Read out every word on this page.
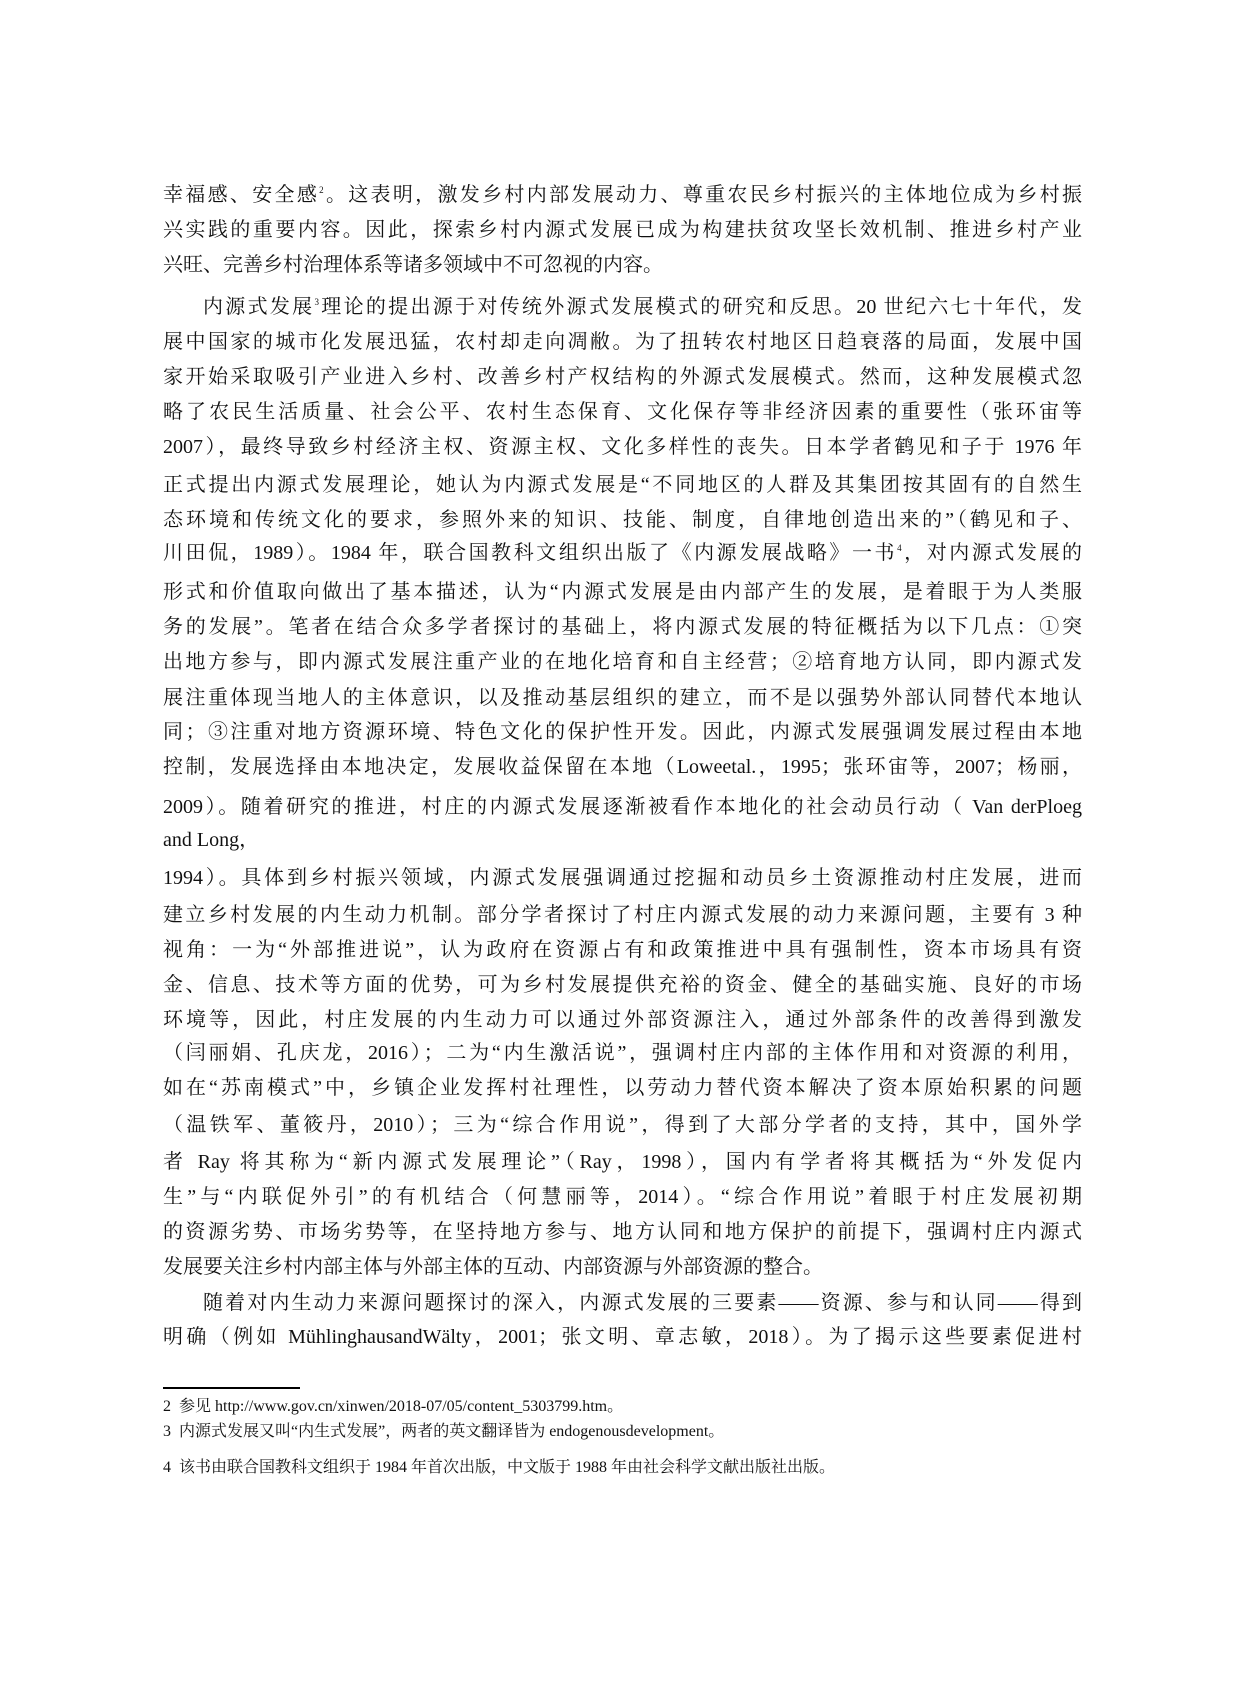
幸福感、安全感$^2$。这表明，激发乡村内部发展动力、尊重农民乡村振兴的主体地位成为乡村振
兴实践的重要内容。因此，探索乡村内源式发展已成为构建扶贫攻坚长效机制、推进乡村产业
兴旺、完善乡村治理体系等诸多领域中不可忽视的内容。
内源式发展$^3$理论的提出源于对传统外源式发展模式的研究和反思。20 世纪六七十年代，发
展中国家的城市化发展迅猛，农村却走向凋敝。为了扭转农村地区日趋衰落的局面，发展中国
家开始采取吸引产业进入乡村、改善乡村产权结构的外源式发展模式。然而，这种发展模式忽
略了农民生活质量、社会公平、农村生态保育、文化保存等非经济因素的重要性（张环宙等
2007），最终导致乡村经济主权、资源主权、文化多样性的丧失。日本学者鹤见和子于 1976 年
正式提出内源式发展理论，她认为内源式发展是“不同地区的人群及其集团按其固有的自然生
态环境和传统文化的要求，参照外来的知识、技能、制度，自律地创造出来的”（鹤见和子、
川田侃，1989）。1984 年，联合国教科文组织出版了《内源发展战略》一书$^4$，对内源式发展的
形式和价值取向做出了基本描述，认为“内源式发展是由内部产生的发展，是着眼于为人类服
务的发展”。笔者在结合众多学者探讨的基础上，将内源式发展的特征概括为以下几点：①突
出地方参与，即内源式发展注重产业的在地化培育和自主经营；②培育地方认同，即内源式发
展注重体现当地人的主体意识，以及推动基层组织的建立，而不是以强势外部认同替代本地认
同；③注重对地方资源环境、特色文化的保护性开发。因此，内源式发展强调发展过程由本地
控制，发展选择由本地决定，发展收益保留在本地（Loweetal.，1995；张环宙等，2007；杨丽，
2009）。随着研究的推进，村庄的内源式发展逐渐被看作本地化的社会动员行动（ Van derPloeg
and Long，
1994）。具体到乡村振兴领域，内源式发展强调通过挖掘和动员乡土资源推动村庄发展，进而
建立乡村发展的内生动力机制。部分学者探讨了村庄内源式发展的动力来源问题，主要有 3 种
视角：一为“外部推进说”，认为政府在资源占有和政策推进中具有强制性，资本市场具有资
金、信息、技术等方面的优势，可为乡村发展提供充裕的资金、健全的基础实施、良好的市场
环境等，因此，村庄发展的内生动力可以通过外部资源注入，通过外部条件的改善得到激发
（闫丽娟、孔庆龙，2016）；二为“内生激活说”，强调村庄内部的主体作用和对资源的利用，
如在“苏南模式”中，乡镇企业发挥村社理性，以劳动力替代资本解决了资本原始积累的问题
（温铁军、董筱丹，2010）；三为“综合作用说”，得到了大部分学者的支持，其中，国外学
者 Ray 将其称为“新内源式发展理论”（Ray，1998），国内有学者将其概括为“外发促内
生”与“内联促外引”的有机结合（何慧丽等，2014）。“综合作用说”着眼于村庄发展初期
的资源劣势、市场劣势等，在坚持地方参与、地方认同和地方保护的前提下，强调村庄内源式
发展要关注乡村内部主体与外部主体的互动、内部资源与外部资源的整合。
随着对内生动力来源问题探讨的深入，内源式发展的三要素——资源、参与和认同——得到
明确（例如 MühlinghausandWälty，2001；张文明、章志敏，2018）。为了揭示这些要素促进村
2 参见 http://www.gov.cn/xinwen/2018-07/05/content_5303799.htm。
3 内源式发展又叫“内生式发展”，两者的英文翻译皆为 endogenousdevelopment。
4 该书由联合国教科文组织于 1984 年首次出版，中文版于 1988 年由社会科学文献出版社出版。
